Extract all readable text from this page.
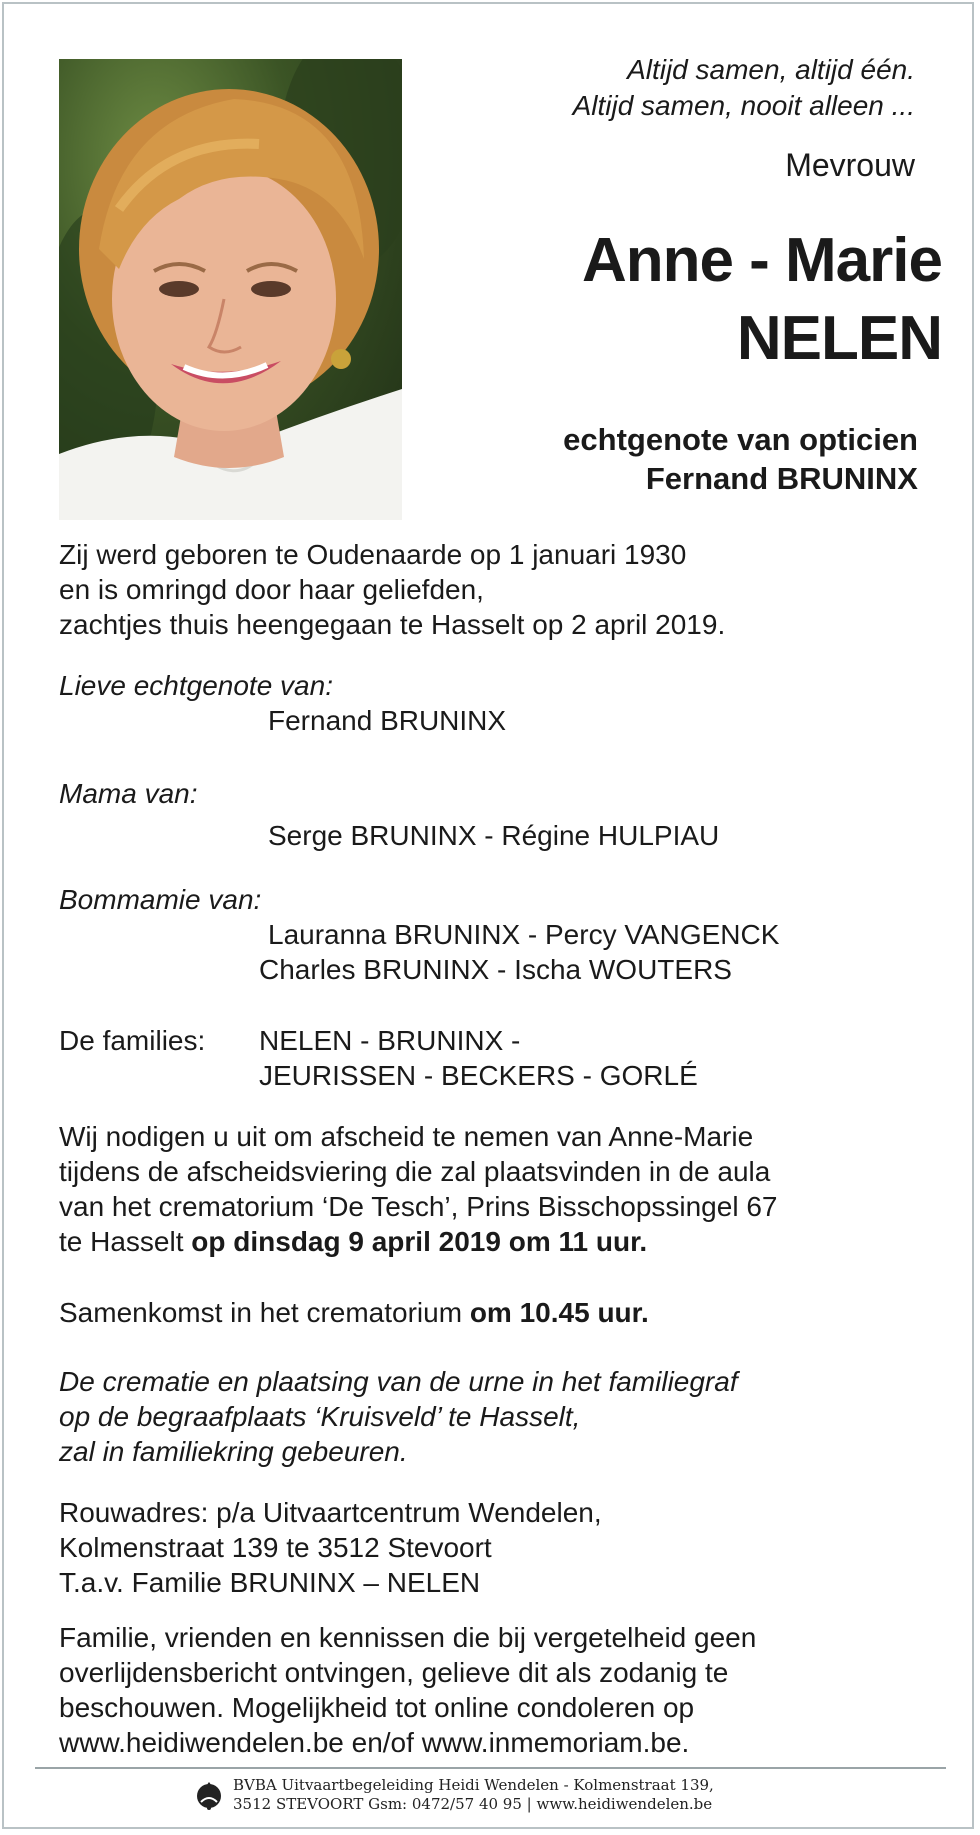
Altijd samen, altijd één.
Altijd samen, nooit alleen ...
Mevrouw
Anne - Marie
NELEN
echtgenote van opticien
Fernand BRUNINX
Zij werd geboren te Oudenaarde op 1 januari 1930
en is omringd door haar geliefden,
zachtjes thuis heengegaan te Hasselt op 2 april 2019.
Lieve echtgenote van:
Fernand BRUNINX
Mama van:
Serge BRUNINX - Régine HULPIAU
Bommamie van:
Lauranna BRUNINX - Percy VANGENCK
Charles BRUNINX - Ischa WOUTERS
De families: NELEN - BRUNINX -
JEURISSEN - BECKERS - GORLÉ
Wij nodigen u uit om afscheid te nemen van Anne-Marie
tijdens de afscheidsviering die zal plaatsvinden in de aula
van het crematorium ‘De Tesch’, Prins Bisschopssingel 67
te Hasselt op dinsdag 9 april 2019 om 11 uur.
Samenkomst in het crematorium om 10.45 uur.
De crematie en plaatsing van de urne in het familiegraf
op de begraafplaats ‘Kruisveld’ te Hasselt,
zal in familiekring gebeuren.
Rouwadres: p/a Uitvaartcentrum Wendelen,
Kolmenstraat 139 te 3512 Stevoort
T.a.v. Familie BRUNINX – NELEN
Familie, vrienden en kennissen die bij vergetelheid geen
overlijdensbericht ontvingen, gelieve dit als zodanig te
beschouwen. Mogelijkheid tot online condoleren op
www.heidiwendelen.be en/of www.inmemoriam.be.
BVBA Uitvaartbegeleiding Heidi Wendelen - Kolmenstraat 139,
3512 STEVOORT Gsm: 0472/57 40 95 | www.heidiwendelen.be
